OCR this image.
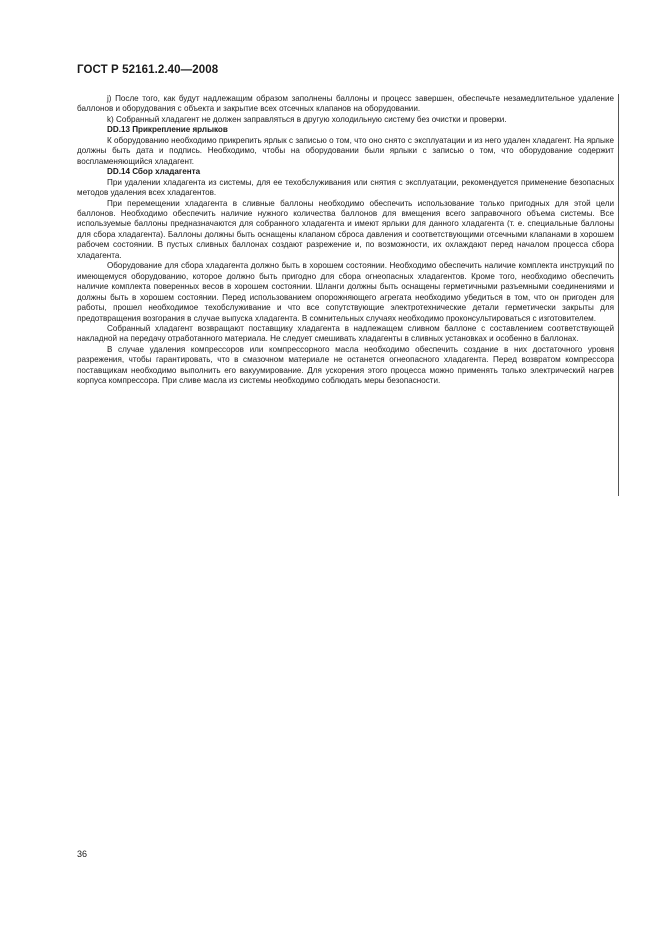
ГОСТ Р 52161.2.40—2008

j) После того, как будут надлежащим образом заполнены баллоны и процесс завершен, обеспечьте незамедлительное удаление баллонов и оборудования с объекта и закрытие всех отсечных клапанов на оборудовании.

k) Собранный хладагент не должен заправляться в другую холодильную систему без очистки и проверки.

DD.13 Прикрепление ярлыков

К оборудованию необходимо прикрепить ярлык с записью о том, что оно снято с эксплуатации и из него удален хладагент. На ярлыке должны быть дата и подпись. Необходимо, чтобы на оборудовании были ярлыки с записью о том, что оборудование содержит воспламеняющийся хладагент.

DD.14 Сбор хладагента

При удалении хладагента из системы, для ее техобслуживания или снятия с эксплуатации, рекомендуется применение безопасных методов удаления всех хладагентов.

При перемещении хладагента в сливные баллоны необходимо обеспечить использование только пригодных для этой цели баллонов. Необходимо обеспечить наличие нужного количества баллонов для вмещения всего заправочного объема системы. Все используемые баллоны предназначаются для собранного хладагента и имеют ярлыки для данного хладагента (т. е. специальные баллоны для сбора хладагента). Баллоны должны быть оснащены клапаном сброса давления и соответствующими отсечными клапанами в хорошем рабочем состоянии. В пустых сливных баллонах создают разрежение и, по возможности, их охлаждают перед началом процесса сбора хладагента.

Оборудование для сбора хладагента должно быть в хорошем состоянии. Необходимо обеспечить наличие комплекта инструкций по имеющемуся оборудованию, которое должно быть пригодно для сбора огнеопасных хладагентов. Кроме того, необходимо обеспечить наличие комплекта поверенных весов в хорошем состоянии. Шланги должны быть оснащены герметичными разъемными соединениями и должны быть в хорошем состоянии. Перед использованием опорожняющего агрегата необходимо убедиться в том, что он пригоден для работы, прошел необходимое техобслуживание и что все сопутствующие электротехнические детали герметически закрыты для предотвращения возгорания в случае выпуска хладагента. В сомнительных случаях необходимо проконсультироваться с изготовителем.

Собранный хладагент возвращают поставщику хладагента в надлежащем сливном баллоне с составлением соответствующей накладной на передачу отработанного материала. Не следует смешивать хладагенты в сливных установках и особенно в баллонах.

В случае удаления компрессоров или компрессорного масла необходимо обеспечить создание в них достаточного уровня разрежения, чтобы гарантировать, что в смазочном материале не останется огнеопасного хладагента. Перед возвратом компрессора поставщикам необходимо выполнить его вакуумирование. Для ускорения этого процесса можно применять только электрический нагрев корпуса компрессора. При сливе масла из системы необходимо соблюдать меры безопасности.

36
